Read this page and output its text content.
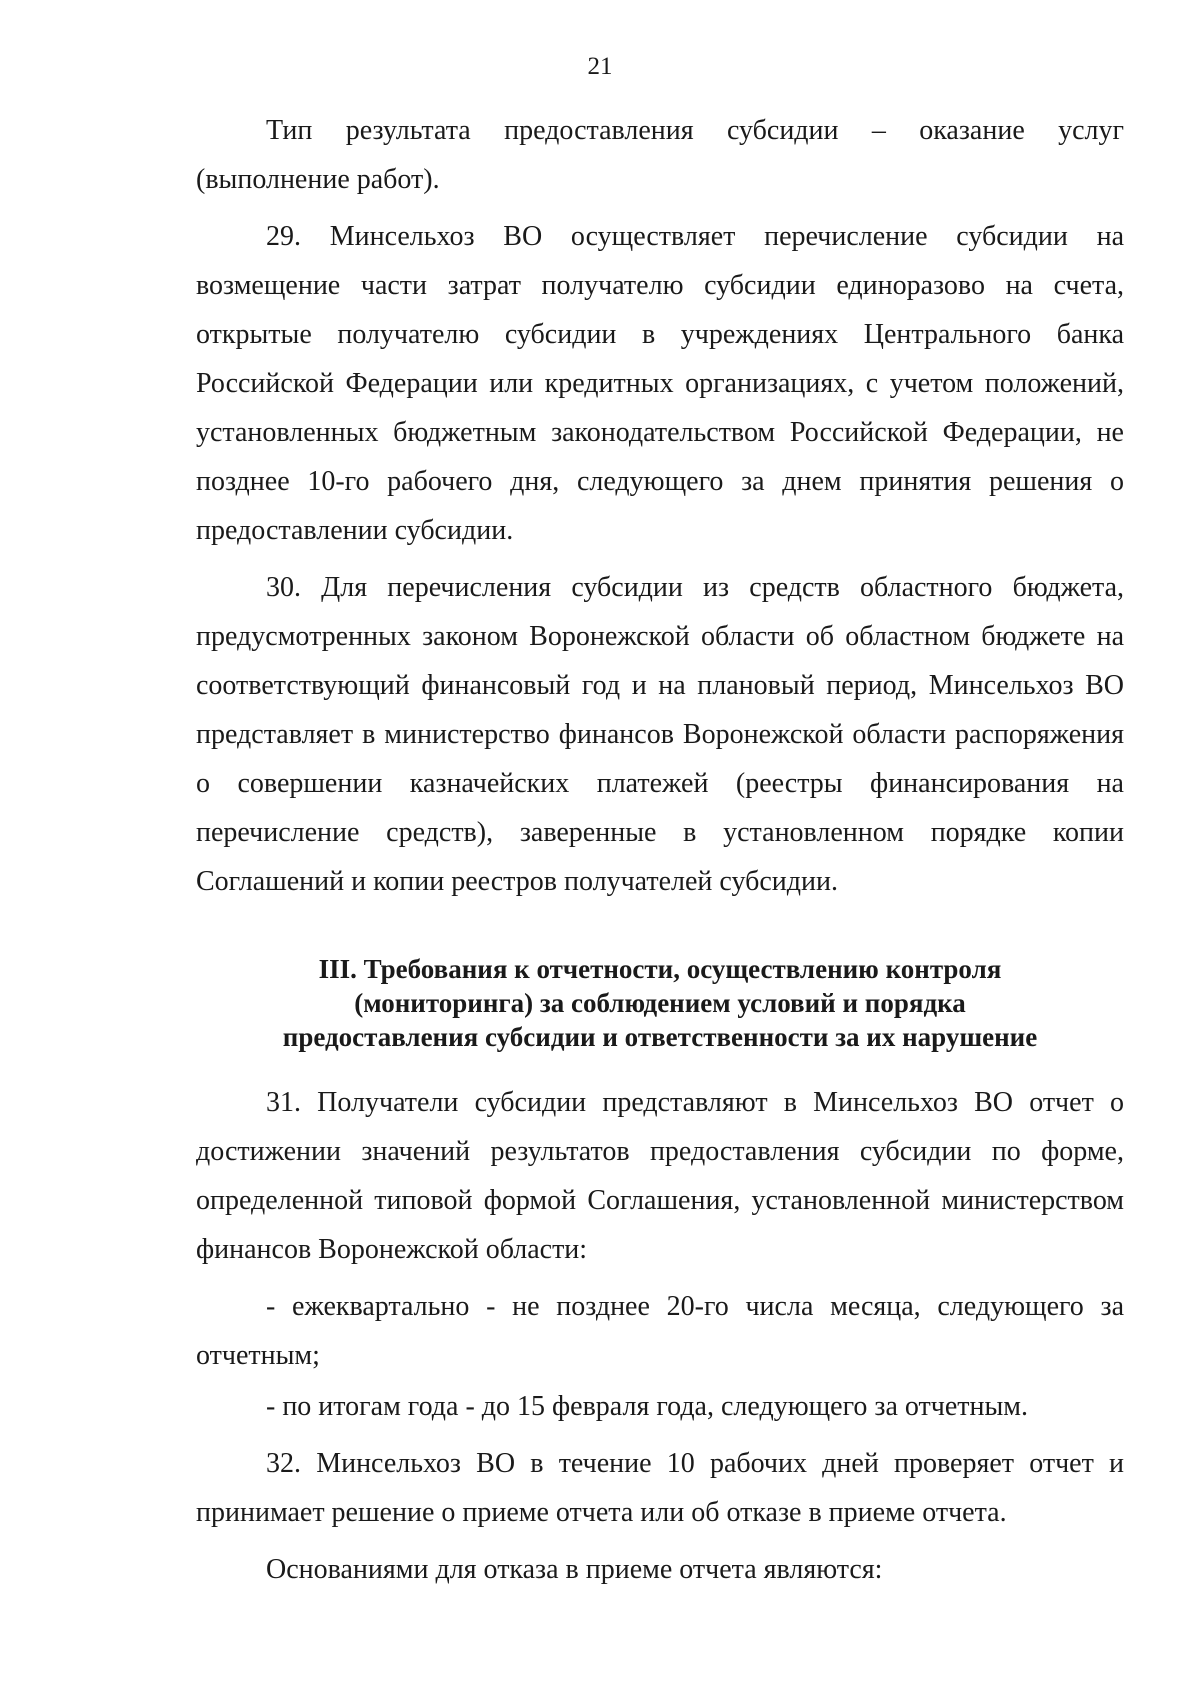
21

Тип результата предоставления субсидии – оказание услуг (выполнение работ).

29. Минсельхоз ВО осуществляет перечисление субсидии на возмещение части затрат получателю субсидии единоразово на счета, открытые получателю субсидии в учреждениях Центрального банка Российской Федерации или кредитных организациях, с учетом положений, установленных бюджетным законодательством Российской Федерации, не позднее 10-го рабочего дня, следующего за днем принятия решения о предоставлении субсидии.

30. Для перечисления субсидии из средств областного бюджета, предусмотренных законом Воронежской области об областном бюджете на соответствующий финансовый год и на плановый период, Минсельхоз ВО представляет в министерство финансов Воронежской области распоряжения о совершении казначейских платежей (реестры финансирования на перечисление средств), заверенные в установленном порядке копии Соглашений и копии реестров получателей субсидии.

III. Требования к отчетности, осуществлению контроля
(мониторинга) за соблюдением условий и порядка
предоставления субсидии и ответственности за их нарушение

31. Получатели субсидии представляют в Минсельхоз ВО отчет о достижении значений результатов предоставления субсидии по форме, определенной типовой формой Соглашения, установленной министерством финансов Воронежской области:

- ежеквартально - не позднее 20-го числа месяца, следующего за отчетным;

- по итогам года - до 15 февраля года, следующего за отчетным.

32. Минсельхоз ВО в течение 10 рабочих дней проверяет отчет и принимает решение о приеме отчета или об отказе в приеме отчета.

Основаниями для отказа в приеме отчета являются:
